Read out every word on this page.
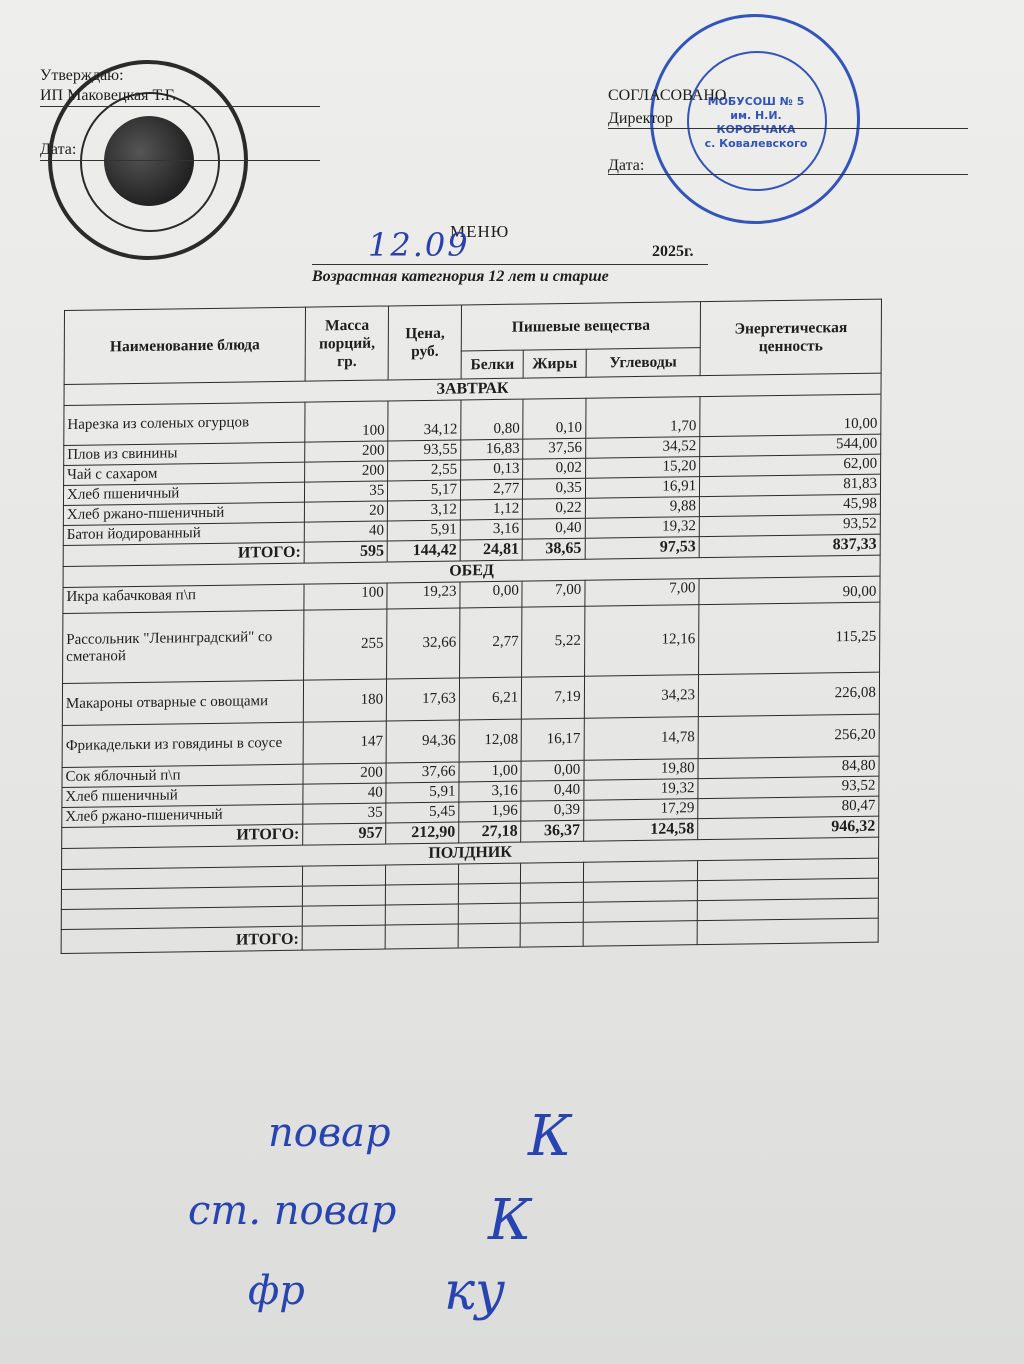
Утверждаю:
ИП Маковецкая Т.Г.
Дата:
МОБУСОШ № 5
им. Н.И. КОРОБЧАКА
с. Ковалевского
СОГЛАСОВАНО
Директор
Дата:
МЕНЮ
12.09	2025г.
Возрастная категнория 12 лет и старше
Наименование блюда	Масса порций, гр.	Цена, руб.	Пишевые вещества			Энергетическая ценность
			Белки	Жиры	Углеводы	
ЗАВТРАК						
Нарезка из соленых огурцов	100	34,12	0,80	0,10	1,70	10,00
Плов из свинины	200	93,55	16,83	37,56	34,52	544,00
Чай с сахаром	200	2,55	0,13	0,02	15,20	62,00
Хлеб пшеничный	35	5,17	2,77	0,35	16,91	81,83
Хлеб ржано-пшеничный	20	3,12	1,12	0,22	9,88	45,98
Батон йодированный	40	5,91	3,16	0,40	19,32	93,52
ИТОГО:	595	144,42	24,81	38,65	97,53	837,33
ОБЕД						
Икра кабачковая п\п	100	19,23	0,00	7,00	7,00	90,00
Рассольник "Ленинградский" со сметаной	255	32,66	2,77	5,22	12,16	115,25
Макароны отварные с овощами	180	17,63	6,21	7,19	34,23	226,08
Фрикадельки из говядины в соусе	147	94,36	12,08	16,17	14,78	256,20
Сок яблочный п\п	200	37,66	1,00	0,00	19,80	84,80
Хлеб пшеничный	40	5,91	3,16	0,40	19,32	93,52
Хлеб ржано-пшеничный	35	5,45	1,96	0,39	17,29	80,47
ИТОГО:	957	212,90	27,18	36,37	124,58	946,32
ПОЛДНИК						

ИТОГО:						
повар К
ст. повар К
фр	ку
